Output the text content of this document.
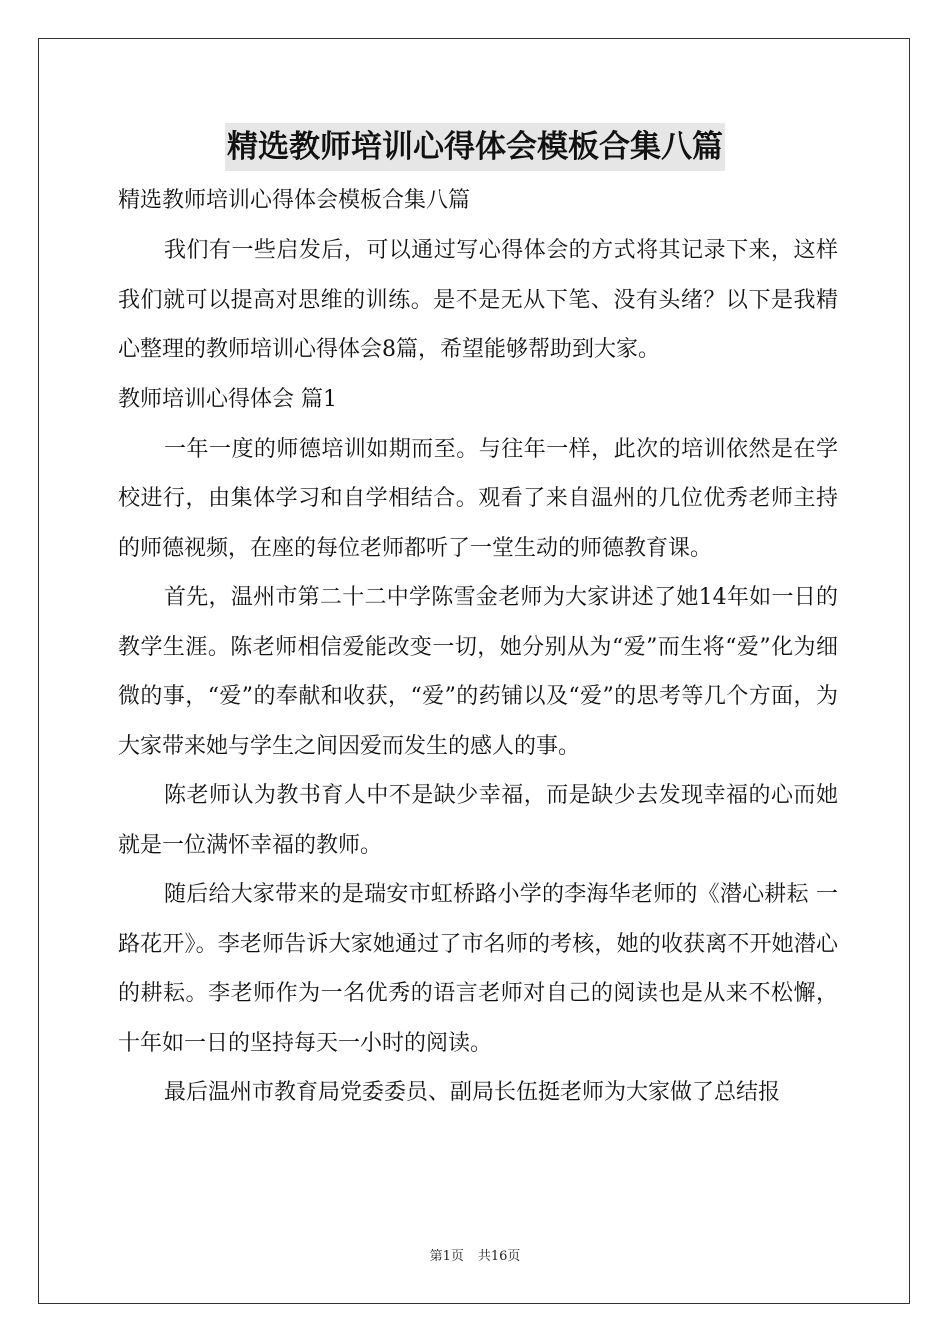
精选教师培训心得体会模板合集八篇

精选教师培训心得体会模板合集八篇

我们有一些启发后，可以通过写心得体会的方式将其记录下来，这样我们就可以提高对思维的训练。是不是无从下笔、没有头绪？以下是我精心整理的教师培训心得体会8篇，希望能够帮助到大家。

教师培训心得体会 篇1

一年一度的师德培训如期而至。与往年一样，此次的培训依然是在学校进行，由集体学习和自学相结合。观看了来自温州的几位优秀老师主持的师德视频，在座的每位老师都听了一堂生动的师德教育课。

首先，温州市第二十二中学陈雪金老师为大家讲述了她14年如一日的教学生涯。陈老师相信爱能改变一切，她分别从为“爱”而生将“爱”化为细微的事，“爱”的奉献和收获，“爱”的药铺以及“爱”的思考等几个方面，为大家带来她与学生之间因爱而发生的感人的事。

陈老师认为教书育人中不是缺少幸福，而是缺少去发现幸福的心而她就是一位满怀幸福的教师。

随后给大家带来的是瑞安市虹桥路小学的李海华老师的《潜心耕耘 一路花开》。李老师告诉大家她通过了市名师的考核，她的收获离不开她潜心的耕耘。李老师作为一名优秀的语言老师对自己的阅读也是从来不松懈，十年如一日的坚持每天一小时的阅读。

最后温州市教育局党委委员、副局长伍挺老师为大家做了总结报

第1页 共16页
